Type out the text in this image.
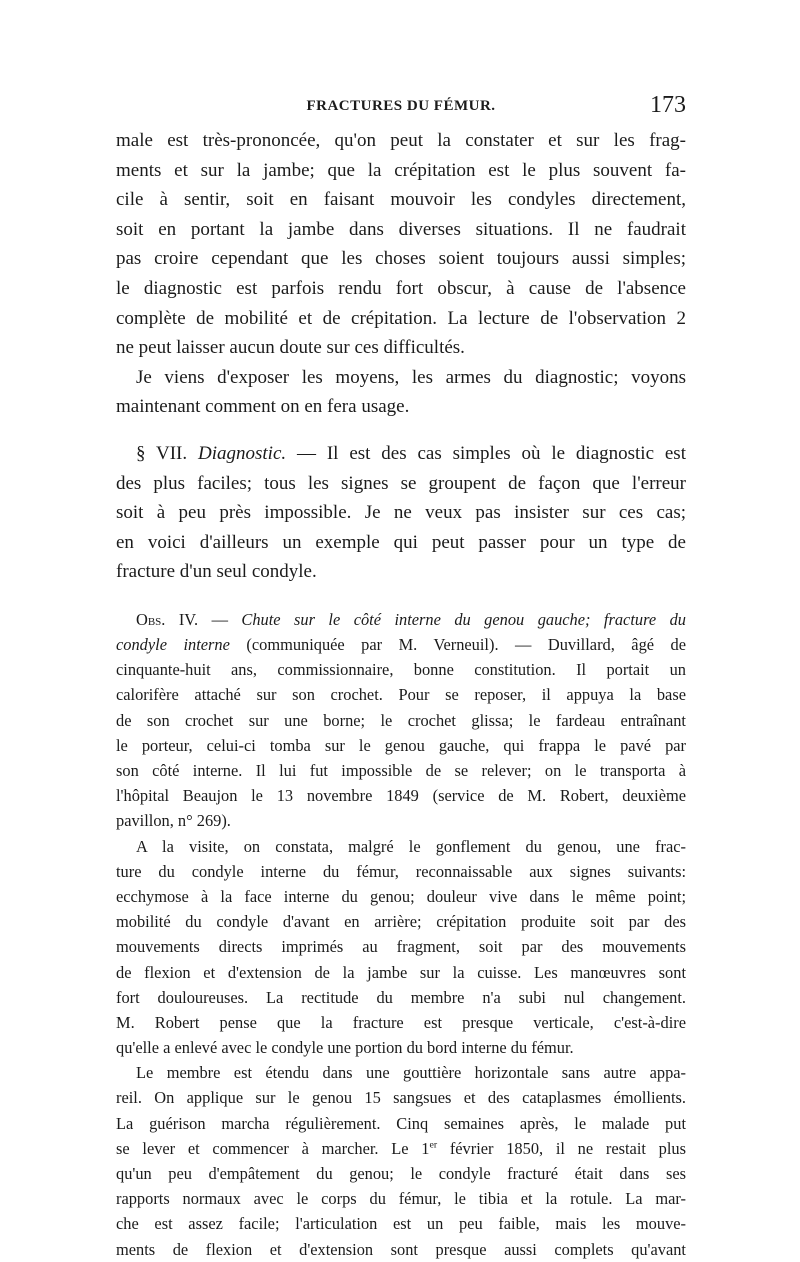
FRACTURES DU FÉMUR.	173
male est très-prononcée, qu'on peut la constater et sur les frag-
ments et sur la jambe; que la crépitation est le plus souvent fa-
cile à sentir, soit en faisant mouvoir les condyles directement,
soit en portant la jambe dans diverses situations. Il ne faudrait
pas croire cependant que les choses soient toujours aussi simples;
le diagnostic est parfois rendu fort obscur, à cause de l'absence
complète de mobilité et de crépitation. La lecture de l'observation 2
ne peut laisser aucun doute sur ces difficultés.
Je viens d'exposer les moyens, les armes du diagnostic; voyons
maintenant comment on en fera usage.
§ VII. Diagnostic. — Il est des cas simples où le diagnostic est
des plus faciles; tous les signes se groupent de façon que l'erreur
soit à peu près impossible. Je ne veux pas insister sur ces cas;
en voici d'ailleurs un exemple qui peut passer pour un type de
fracture d'un seul condyle.
Obs. IV. — Chute sur le côté interne du genou gauche; fracture du
condyle interne (communiquée par M. Verneuil). — Duvillard, âgé de
cinquante-huit ans, commissionnaire, bonne constitution. Il portait un
calorifère attaché sur son crochet. Pour se reposer, il appuya la base
de son crochet sur une borne; le crochet glissa; le fardeau entraînant
le porteur, celui-ci tomba sur le genou gauche, qui frappa le pavé par
son côté interne. Il lui fut impossible de se relever; on le transporta à
l'hôpital Beaujon le 13 novembre 1849 (service de M. Robert, deuxième
pavillon, n° 269).
A la visite, on constata, malgré le gonflement du genou, une frac-
ture du condyle interne du fémur, reconnaissable aux signes suivants:
ecchymose à la face interne du genou; douleur vive dans le même point;
mobilité du condyle d'avant en arrière; crépitation produite soit par des
mouvements directs imprimés au fragment, soit par des mouvements
de flexion et d'extension de la jambe sur la cuisse. Les manœuvres sont
fort douloureuses. La rectitude du membre n'a subi nul changement.
M. Robert pense que la fracture est presque verticale, c'est-à-dire
qu'elle a enlevé avec le condyle une portion du bord interne du fémur.
Le membre est étendu dans une gouttière horizontale sans autre appa-
reil. On applique sur le genou 15 sangsues et des cataplasmes émollients.
La guérison marcha régulièrement. Cinq semaines après, le malade put
se lever et commencer à marcher. Le 1er février 1850, il ne restait plus
qu'un peu d'empâtement du genou; le condyle fracturé était dans ses
rapports normaux avec le corps du fémur, le tibia et la rotule. La mar-
che est assez facile; l'articulation est un peu faible, mais les mouve-
ments de flexion et d'extension sont presque aussi complets qu'avant
